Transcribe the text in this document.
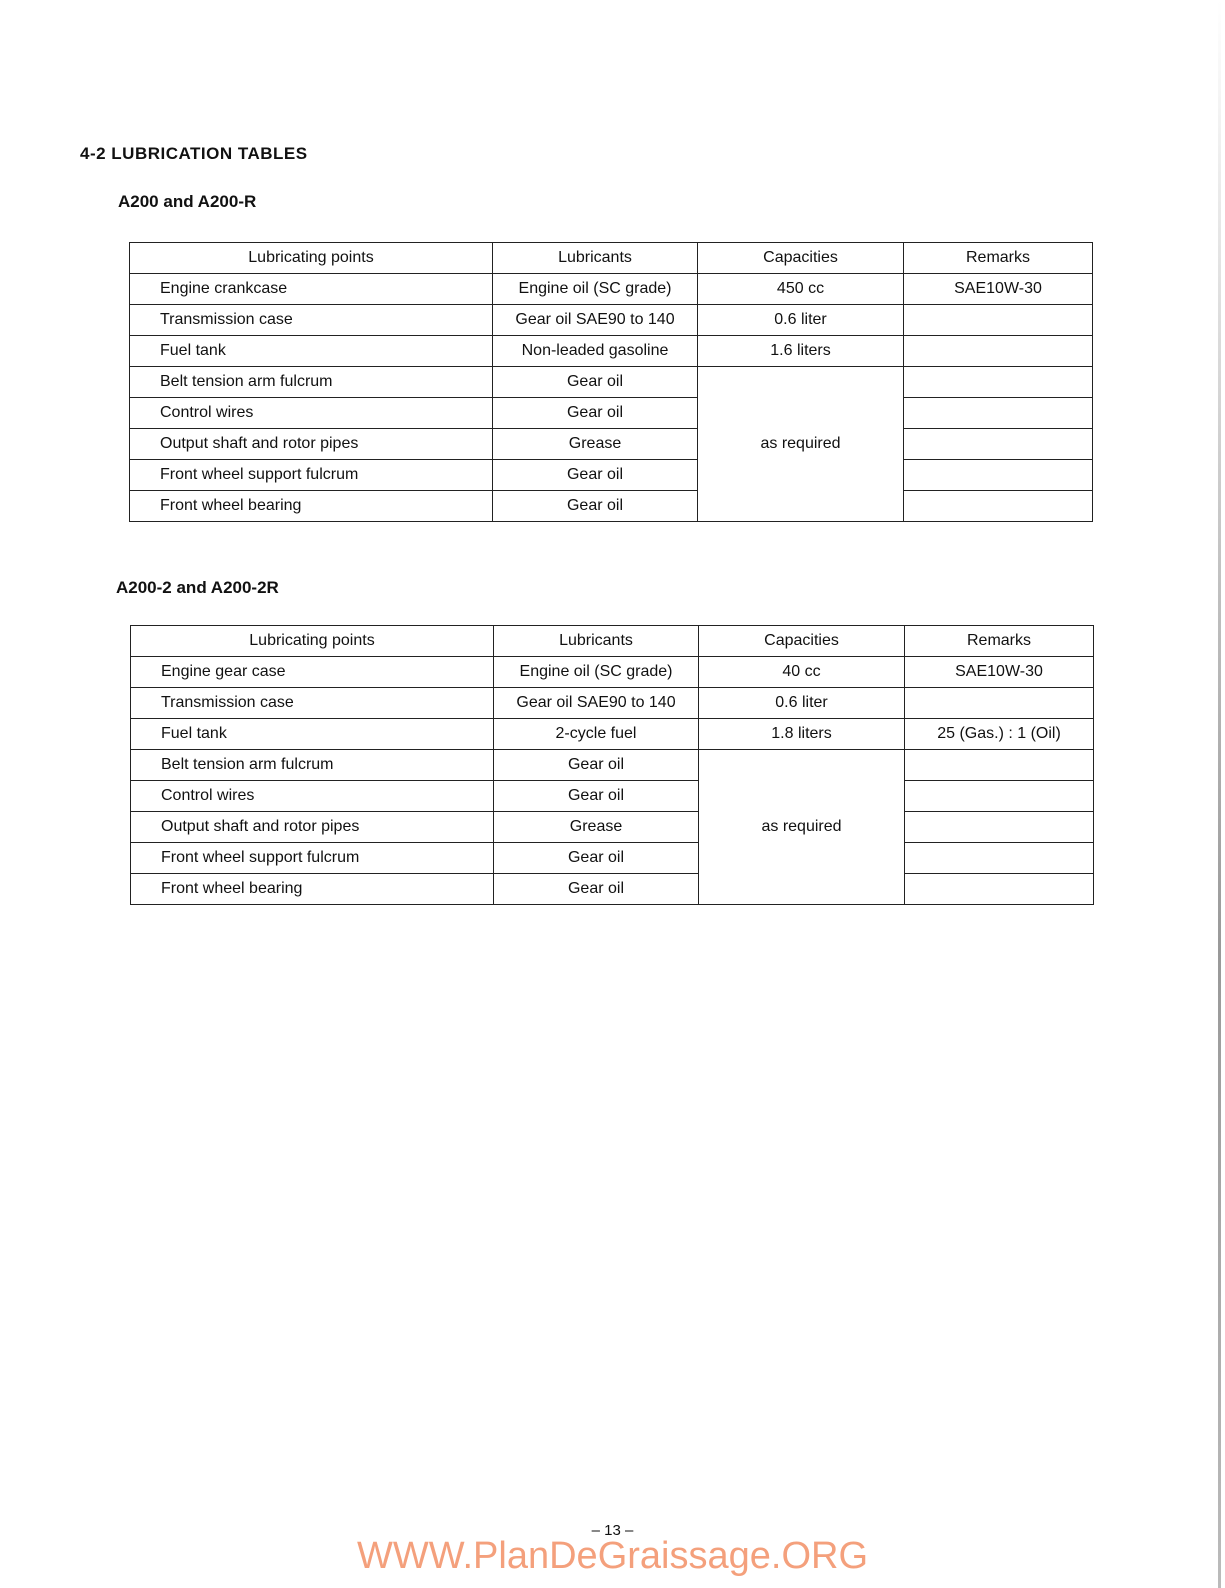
4-2 LUBRICATION TABLES
A200 and A200-R
Lubricating points	Lubricants	Capacities	Remarks
Engine crankcase	Engine oil (SC grade)	450 cc	SAE10W-30
Transmission case	Gear oil SAE90 to 140	0.6 liter	
Fuel tank	Non-leaded gasoline	1.6 liters	
Belt tension arm fulcrum	Gear oil	as required	
Control wires	Gear oil		
Output shaft and rotor pipes	Grease		
Front wheel support fulcrum	Gear oil		
Front wheel bearing	Gear oil		
A200-2 and A200-2R
Lubricating points	Lubricants	Capacities	Remarks
Engine gear case	Engine oil (SC grade)	40 cc	SAE10W-30
Transmission case	Gear oil SAE90 to 140	0.6 liter	
Fuel tank	2-cycle fuel	1.8 liters	25 (Gas.) : 1 (Oil)
Belt tension arm fulcrum	Gear oil	as required	
Control wires	Gear oil		
Output shaft and rotor pipes	Grease		
Front wheel support fulcrum	Gear oil		
Front wheel bearing	Gear oil		
– 13 –
WWW.PlanDeGraissage.ORG
